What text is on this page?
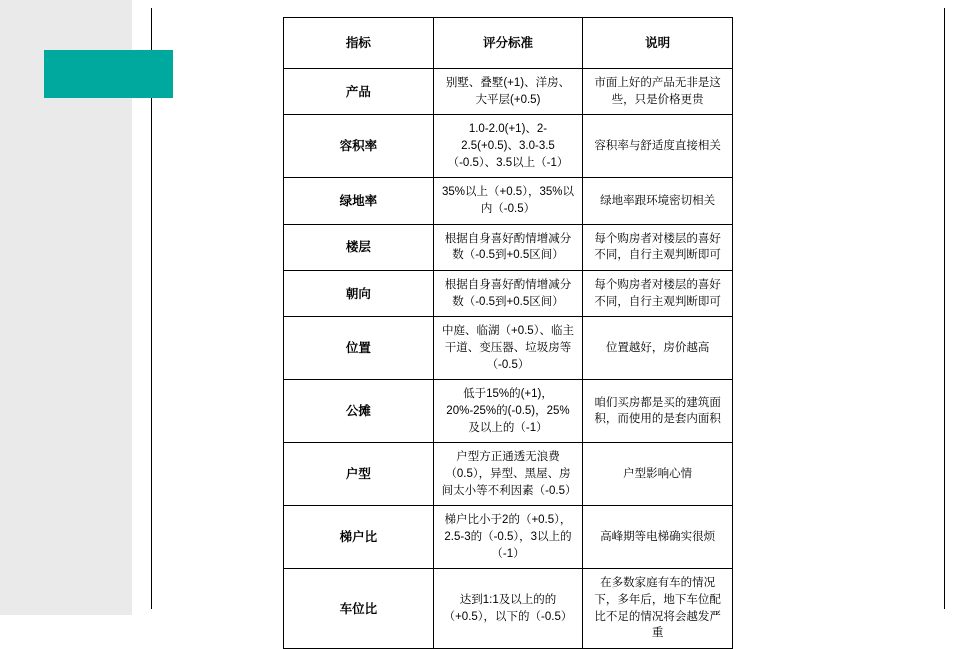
指标	评分标准	说明
产品	别墅、叠墅(+1)、洋房、大平层(+0.5)	市面上好的产品无非是这些，只是价格更贵
容积率	1.0-2.0(+1)、2-2.5(+0.5)、3.0-3.5（-0.5）、3.5以上（-1）	容积率与舒适度直接相关
绿地率	35%以上（+0.5），35%以内（-0.5）	绿地率跟环境密切相关
楼层	根据自身喜好酌情增减分数（-0.5到+0.5区间）	每个购房者对楼层的喜好不同，自行主观判断即可
朝向	根据自身喜好酌情增减分数（-0.5到+0.5区间）	每个购房者对楼层的喜好不同，自行主观判断即可
位置	中庭、临湖（+0.5）、临主干道、变压器、垃圾房等（-0.5）	位置越好，房价越高
公摊	低于15%的(+1)，20%-25%的(-0.5)，25%及以上的（-1）	咱们买房都是买的建筑面积，而使用的是套内面积
户型	户型方正通透无浪费（0.5），异型、黑屋、房间太小等不利因素（-0.5）	户型影响心情
梯户比	梯户比小于2的（+0.5），2.5-3的（-0.5），3以上的（-1）	高峰期等电梯确实很烦
车位比	达到1:1及以上的的（+0.5），以下的（-0.5）	在多数家庭有车的情况下，多年后，地下车位配比不足的情况将会越发严重
